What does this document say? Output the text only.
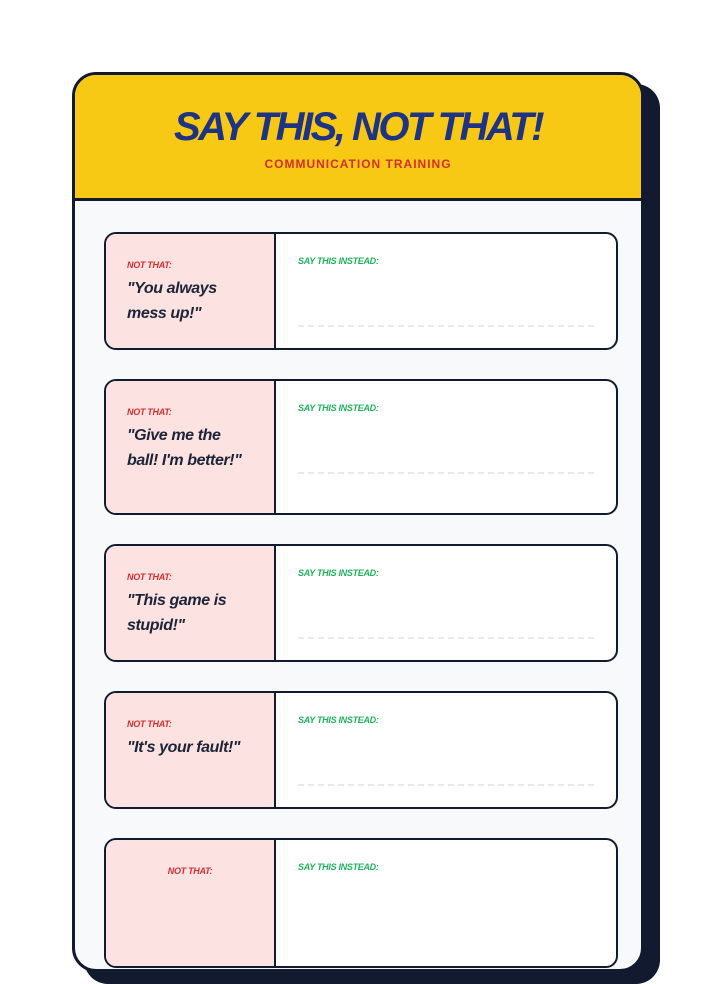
SAY THIS, NOT THAT!
COMMUNICATION TRAINING
NOT THAT:
"You always mess up!"
SAY THIS INSTEAD:
NOT THAT:
"Give me the ball! I'm better!"
SAY THIS INSTEAD:
NOT THAT:
"This game is stupid!"
SAY THIS INSTEAD:
NOT THAT:
"It's your fault!"
SAY THIS INSTEAD:
NOT THAT:	SAY THIS INSTEAD:
